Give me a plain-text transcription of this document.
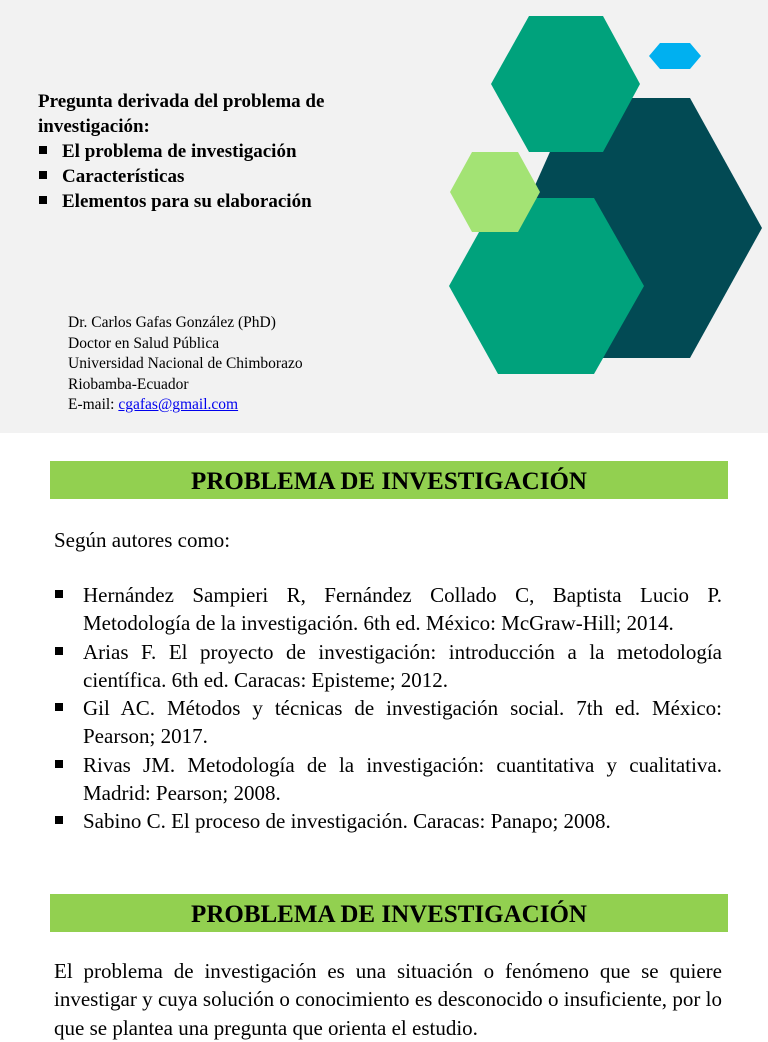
Pregunta derivada del problema de investigación:
El problema de investigación
Características
Elementos para su elaboración
Dr. Carlos Gafas González (PhD)
Doctor en Salud Pública
Universidad Nacional de Chimborazo
Riobamba-Ecuador
E-mail: cgafas@gmail.com
PROBLEMA DE INVESTIGACIÓN
Según autores como:
Hernández Sampieri R, Fernández Collado C, Baptista Lucio P. Metodología de la investigación. 6th ed. México: McGraw-Hill; 2014.
Arias F. El proyecto de investigación: introducción a la metodología científica. 6th ed. Caracas: Episteme; 2012.
Gil AC. Métodos y técnicas de investigación social. 7th ed. México: Pearson; 2017.
Rivas JM. Metodología de la investigación: cuantitativa y cualitativa. Madrid: Pearson; 2008.
Sabino C. El proceso de investigación. Caracas: Panapo; 2008.
PROBLEMA DE INVESTIGACIÓN

El problema de investigación es una situación o fenómeno que se quiere investigar y cuya solución o conocimiento es desconocido o insuficiente, por lo que se plantea una pregunta que orienta el estudio.
